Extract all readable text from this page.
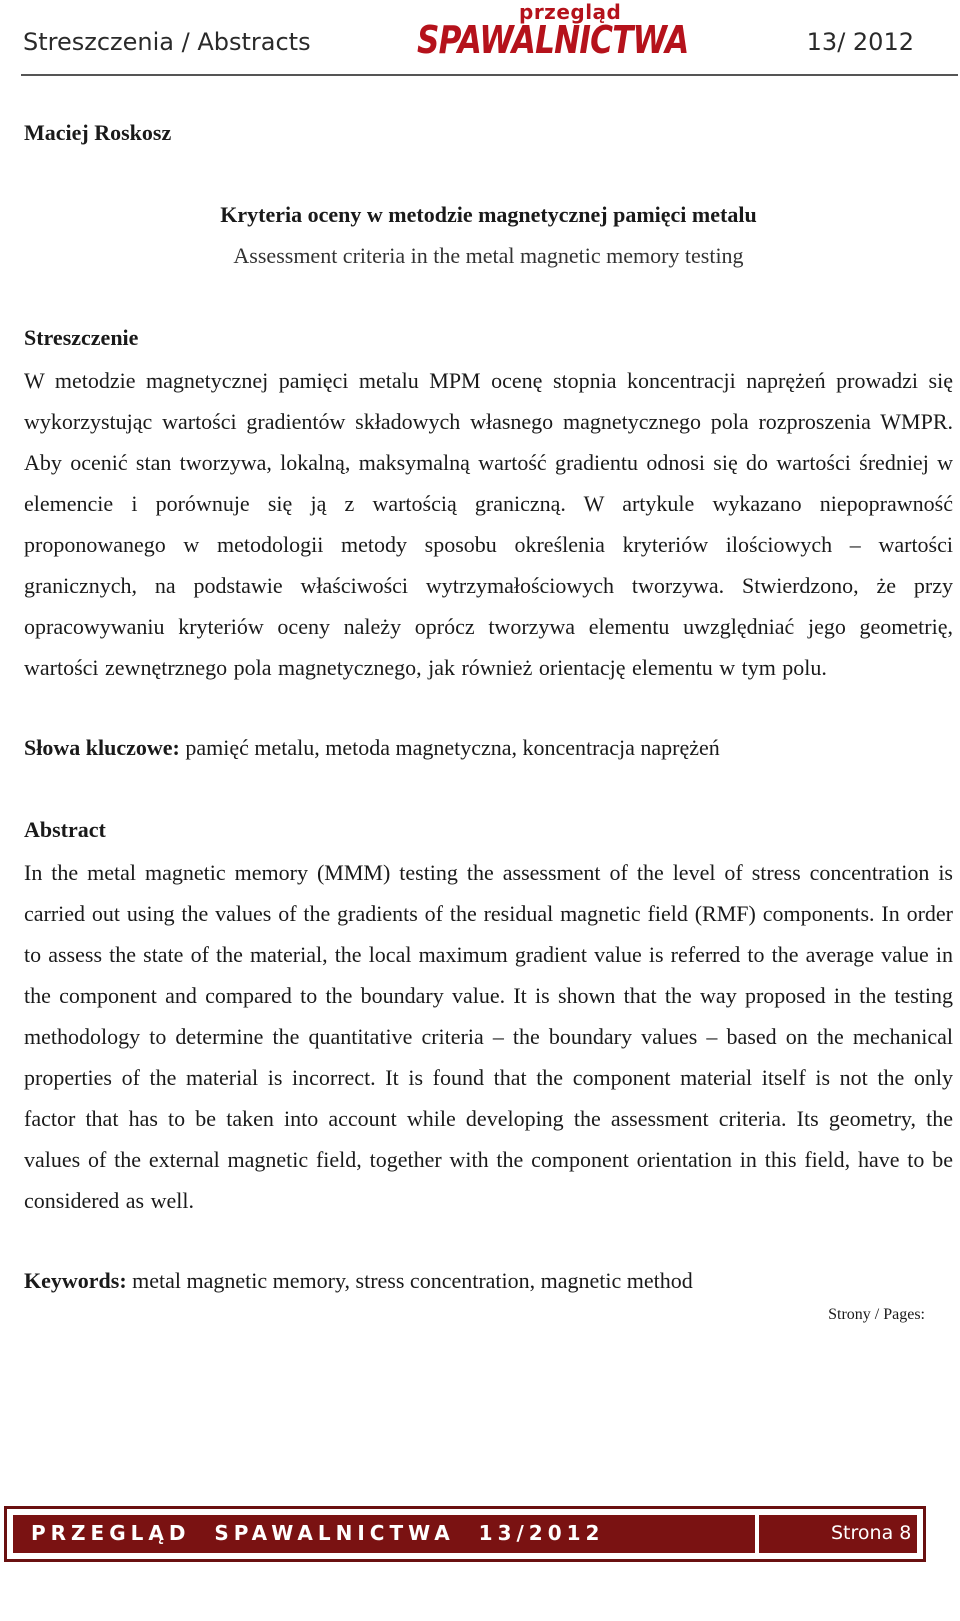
Streszczenia / Abstracts
przegląd
SPAWALNICTWA	13/ 2012
Maciej Roskosz
Kryteria oceny w metodzie magnetycznej pamięci metalu
Assessment criteria in the metal magnetic memory testing
Streszczenie
W metodzie magnetycznej pamięci metalu MPM ocenę stopnia koncentracji naprężeń prowadzi się wykorzystując wartości gradientów składowych własnego magnetycznego pola rozproszenia WMPR. Aby ocenić stan tworzywa, lokalną, maksymalną wartość gradientu odnosi się do wartości średniej w elemencie i porównuje się ją z wartością graniczną. W artykule wykazano niepoprawność proponowanego w metodologii metody sposobu określenia kryteriów ilościowych – wartości granicznych, na podstawie właściwości wytrzymałościowych tworzywa. Stwierdzono, że przy opracowywaniu kryteriów oceny należy oprócz tworzywa elementu uwzględniać jego geometrię, wartości zewnętrznego pola magnetycznego, jak również orientację elementu w tym polu.
Słowa kluczowe: pamięć metalu, metoda magnetyczna, koncentracja naprężeń
Abstract
In the metal magnetic memory (MMM) testing the assessment of the level of stress concentration is carried out using the values of the gradients of the residual magnetic field (RMF) components. In order to assess the state of the material, the local maximum gradient value is referred to the average value in the component and compared to the boundary value. It is shown that the way proposed in the testing methodology to determine the quantitative criteria – the boundary values – based on the mechanical properties of the material is incorrect. It is found that the component material itself is not the only factor that has to be taken into account while developing the assessment criteria. Its geometry, the values of the external magnetic field, together with the component orientation in this field, have to be considered as well.
Keywords: metal magnetic memory, stress concentration, magnetic method
Strony / Pages:
PRZEGLĄD  SPAWALNICTWA  13/2012	Strona 8
